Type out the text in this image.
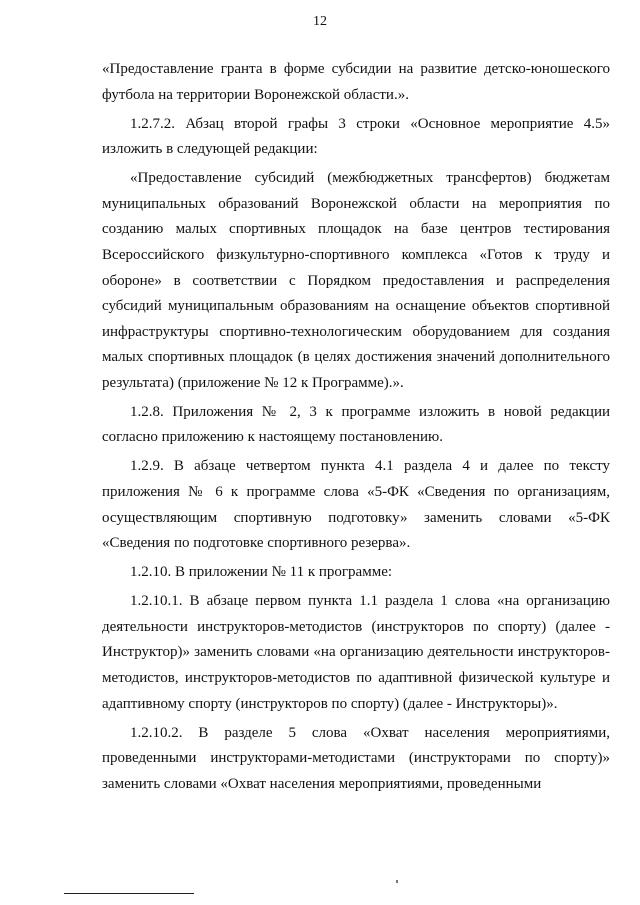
12

«Предоставление гранта в форме субсидии на развитие детско-юношеского футбола на территории Воронежской области.».

1.2.7.2. Абзац второй графы 3 строки «Основное мероприятие 4.5» изложить в следующей редакции:

«Предоставление субсидий (межбюджетных трансфертов) бюджетам муниципальных образований Воронежской области на мероприятия по созданию малых спортивных площадок на базе центров тестирования Всероссийского физкультурно-спортивного комплекса «Готов к труду и обороне» в соответствии с Порядком предоставления и распределения субсидий муниципальным образованиям на оснащение объектов спортивной инфраструктуры спортивно-технологическим оборудованием для создания малых спортивных площадок (в целях достижения значений дополнительного результата) (приложение № 12 к Программе).».

1.2.8. Приложения № 2, 3 к программе изложить в новой редакции согласно приложению к настоящему постановлению.

1.2.9. В абзаце четвертом пункта 4.1 раздела 4 и далее по тексту приложения № 6 к программе слова «5-ФК «Сведения по организациям, осуществляющим спортивную подготовку» заменить словами «5-ФК «Сведения по подготовке спортивного резерва».

1.2.10. В приложении № 11 к программе:

1.2.10.1. В абзаце первом пункта 1.1 раздела 1 слова «на организацию деятельности инструкторов-методистов (инструкторов по спорту) (далее - Инструктор)» заменить словами «на организацию деятельности инструкторов-методистов, инструкторов-методистов по адаптивной физической культуре и адаптивному спорту (инструкторов по спорту) (далее - Инструкторы)».

1.2.10.2. В разделе 5 слова «Охват населения мероприятиями, проведенными инструкторами-методистами (инструкторами по спорту)» заменить словами «Охват населения мероприятиями, проведенными
